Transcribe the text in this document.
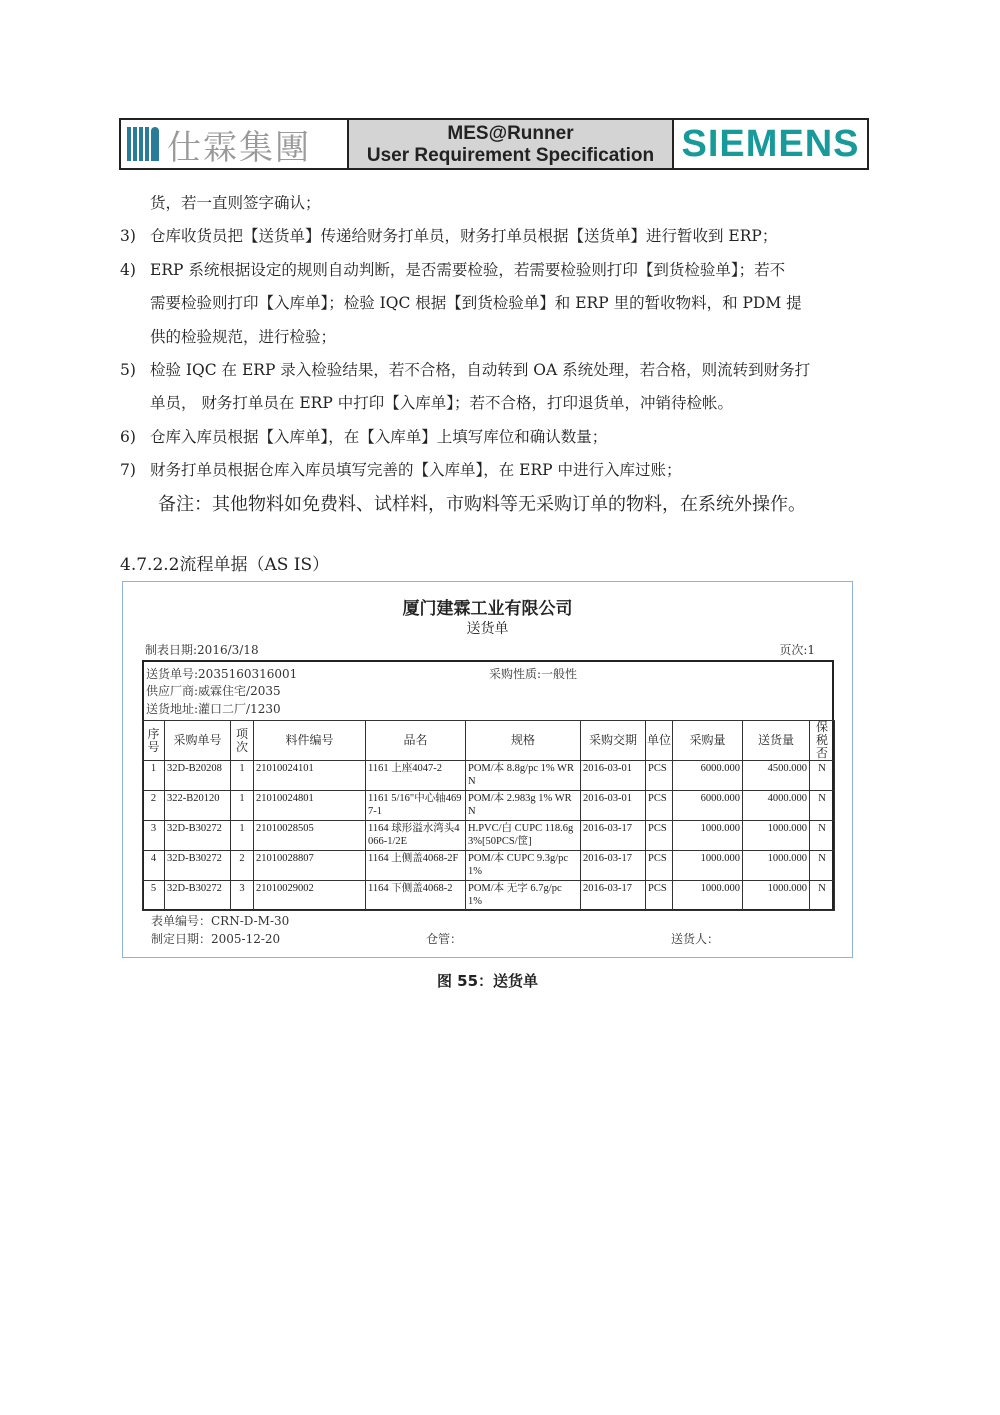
仕霖集團	MES@Runner
User Requirement Specification SIEMENS
货，若一直则签字确认；
3) 仓库收货员把【送货单】传递给财务打单员，财务打单员根据【送货单】进行暂收到 ERP；
4) ERP 系统根据设定的规则自动判断，是否需要检验，若需要检验则打印【到货检验单】；若不
需要检验则打印【入库单】；检验 IQC 根据【到货检验单】和 ERP 里的暂收物料，和 PDM 提
供的检验规范，进行检验；
5) 检验 IQC 在 ERP 录入检验结果，若不合格，自动转到 OA 系统处理，若合格，则流转到财务打
单员， 财务打单员在 ERP 中打印【入库单】；若不合格，打印退货单，冲销待检帐。
6) 仓库入库员根据【入库单】，在【入库单】上填写库位和确认数量；
7) 财务打单员根据仓库入库员填写完善的【入库单】，在 ERP 中进行入库过账；
备注：其他物料如免费料、试样料，市购料等无采购订单的物料，在系统外操作。
4.7.2.2流程单据（AS IS）
厦门建霖工业有限公司
送货单
制表日期:2016/3/18	页次:1
送货单号:2035160316001	采购性质:一般性
供应厂商:威霖住宅/2035
送货地址:灌口二厂/1230
序号	采购单号	项次	料件编号	品名	规格	采购交期	单位	采购量	送货量	保税否
1	32D-B20208	1	21010024101	1161 上座4047-2	POM/本 8.8g/pc 1% WRN	2016-03-01	PCS	6000.000	4500.000	N
2	322-B20120	1	21010024801	1161 5/16"中心轴4697-1	POM/本 2.983g 1% WRN	2016-03-01	PCS	6000.000	4000.000	N
3	32D-B30272	1	21010028505	1164 球形溢水湾头4066-1/2E	H.PVC/白 CUPC 118.6g3%[50PCS/筐]	2016-03-17	PCS	1000.000	1000.000	N
4	32D-B30272	2	21010028807	1164 上侧盖4068-2F	POM/本 CUPC 9.3g/pc 1%	2016-03-17	PCS	1000.000	1000.000	N
5	32D-B30272	3	21010029002	1164 下侧盖4068-2	POM/本 无字 6.7g/pc 1%	2016-03-17	PCS	1000.000	1000.000	N
表单编号：CRN-D-M-30
制定日期：2005-12-20	仓管：	送货人：
图 55：送货单
